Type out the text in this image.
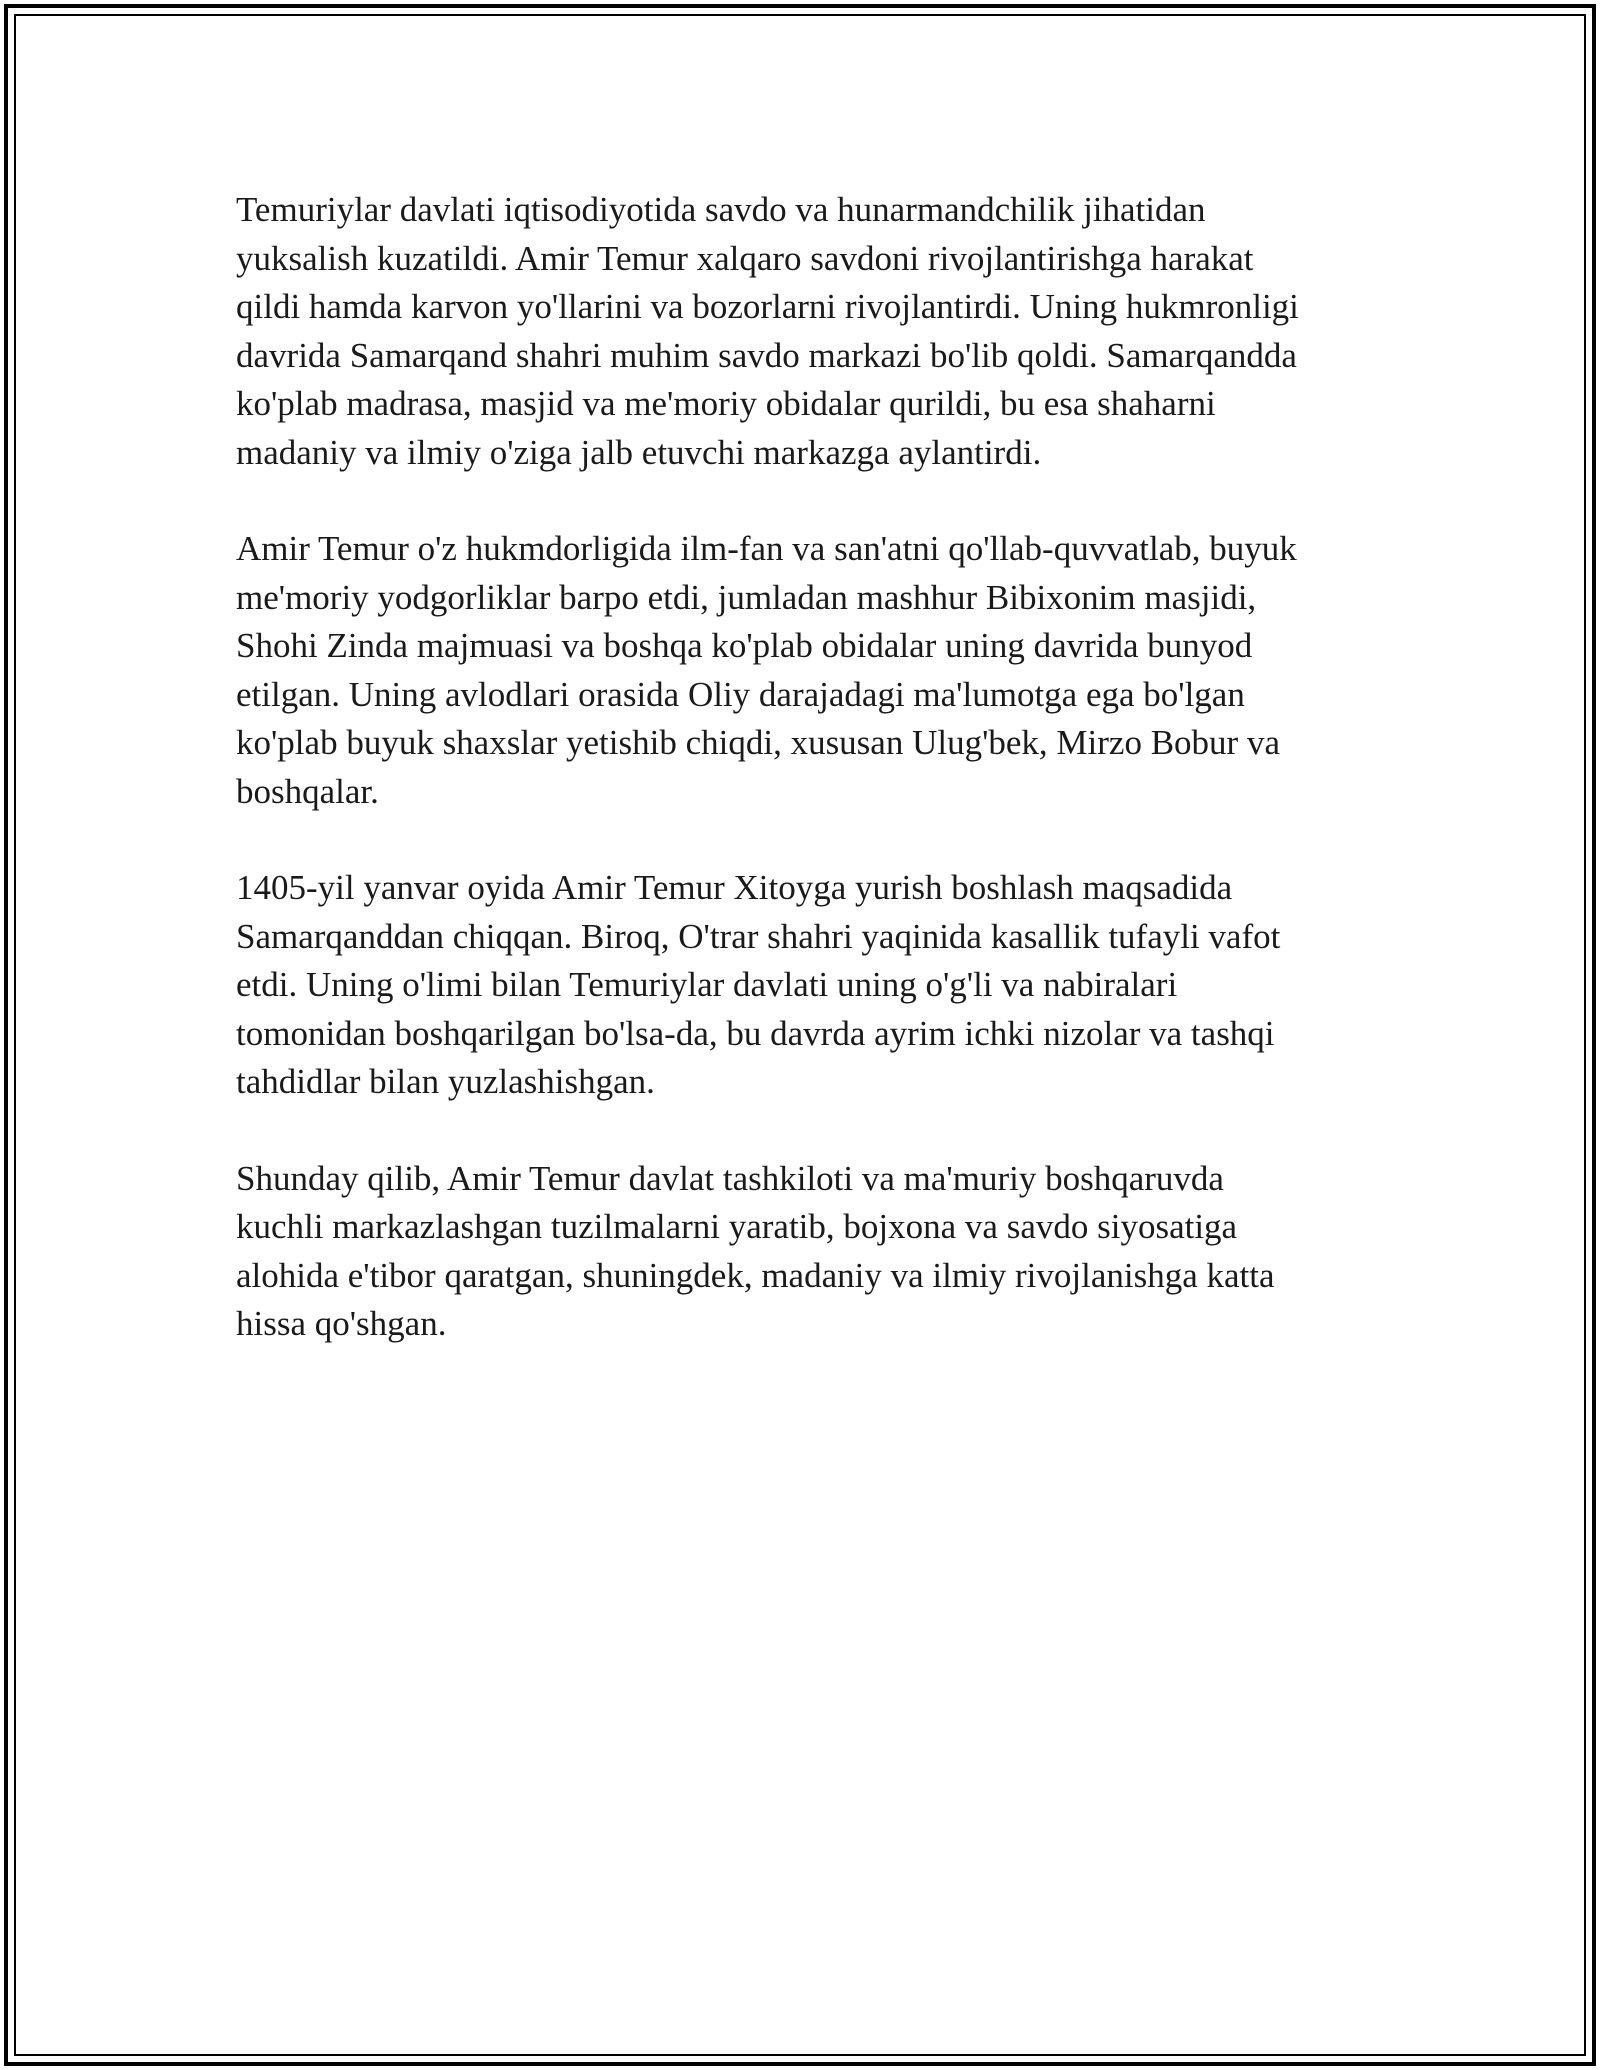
Temuriylar davlati iqtisodiyotida savdo va hunarmandchilik jihatidan
yuksalish kuzatildi. Amir Temur xalqaro savdoni rivojlantirishga harakat
qildi hamda karvon yo'llarini va bozorlarni rivojlantirdi. Uning hukmronligi
davrida Samarqand shahri muhim savdo markazi bo'lib qoldi. Samarqandda
ko'plab madrasa, masjid va me'moriy obidalar qurildi, bu esa shaharni
madaniy va ilmiy o'ziga jalb etuvchi markazga aylantirdi.

Amir Temur o'z hukmdorligida ilm-fan va san'atni qo'llab-quvvatlab, buyuk
me'moriy yodgorliklar barpo etdi, jumladan mashhur Bibixonim masjidi,
Shohi Zinda majmuasi va boshqa ko'plab obidalar uning davrida bunyod
etilgan. Uning avlodlari orasida Oliy darajadagi ma'lumotga ega bo'lgan
ko'plab buyuk shaxslar yetishib chiqdi, xususan Ulug'bek, Mirzo Bobur va
boshqalar.

1405-yil yanvar oyida Amir Temur Xitoyga yurish boshlash maqsadida
Samarqanddan chiqqan. Biroq, O'trar shahri yaqinida kasallik tufayli vafot
etdi. Uning o'limi bilan Temuriylar davlati uning o'g'li va nabiralari
tomonidan boshqarilgan bo'lsa-da, bu davrda ayrim ichki nizolar va tashqi
tahdidlar bilan yuzlashishgan.

Shunday qilib, Amir Temur davlat tashkiloti va ma'muriy boshqaruvda
kuchli markazlashgan tuzilmalarni yaratib, bojxona va savdo siyosatiga
alohida e'tibor qaratgan, shuningdek, madaniy va ilmiy rivojlanishga katta
hissa qo'shgan.
